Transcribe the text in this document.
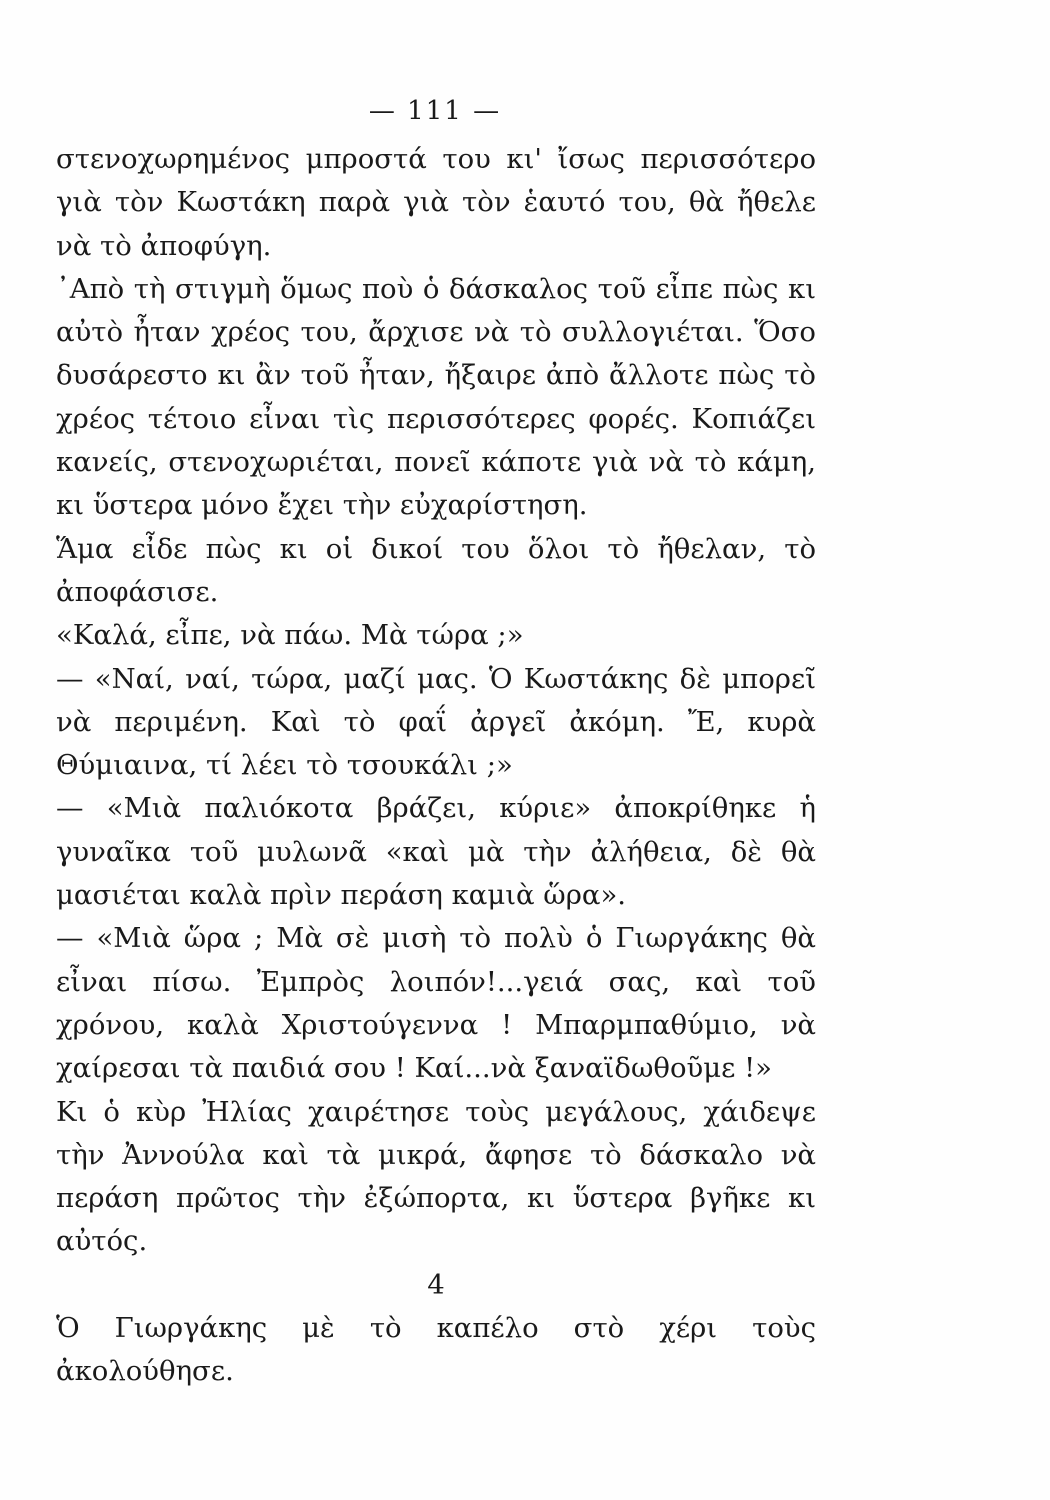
— 111 —

στενοχωρημένος μπροστά του κι' ἴσως περισσότερο γιὰ τὸν Κωστάκη παρὰ γιὰ τὸν ἑαυτό του, θὰ ἤθελε νὰ τὸ ἀποφύγη.

᾿Απὸ τὴ στιγμὴ ὅμως ποὺ ὁ δάσκαλος τοῦ εἶπε πὼς κι αὐτὸ ἦταν χρέος του, ἄρχισε νὰ τὸ συλλογιέται. Ὅσο δυσάρεστο κι ἂν τοῦ ἦταν, ἤξαιρε ἀπὸ ἄλλοτε πὼς τὸ χρέος τέτοιο εἶναι τὶς περισσότερες φορές. Κοπιάζει κανείς, στενοχωριέται, πονεῖ κάποτε γιὰ νὰ τὸ κάμη, κι ὕστερα μόνο ἔχει τὴν εὐχαρίστηση.

Ἅμα εἶδε πὼς κι οἱ δικοί του ὅλοι τὸ ἤθελαν, τὸ ἀποφάσισε.

«Καλά, εἶπε, νὰ πάω. Μὰ τώρα ;»

— «Ναί, ναί, τώρα, μαζί μας. Ὁ Κωστάκης δὲ μπορεῖ νὰ περιμένη. Καὶ τὸ φαΐ ἀργεῖ ἀκόμη. Ἔ, κυρὰ Θύμιαινα, τί λέει τὸ τσουκάλι ;»

— «Μιὰ παλιόκοτα βράζει, κύριε» ἀποκρίθηκε ἡ γυναῖκα τοῦ μυλωνᾶ «καὶ μὰ τὴν ἀλήθεια, δὲ θὰ μασιέται καλὰ πρὶν περάση καμιὰ ὥρα».

— «Μιὰ ὥρα ; Μὰ σὲ μισὴ τὸ πολὺ ὁ Γιωργάκης θὰ εἶναι πίσω. Ἐμπρὸς λοιπόν!...γειά σας, καὶ τοῦ χρόνου, καλὰ Χριστούγεννα ! Μπαρμπαθύμιο, νὰ χαίρεσαι τὰ παιδιά σου ! Καί...νὰ ξαναϊδωθοῦμε !»

Κι ὁ κὺρ Ἠλίας χαιρέτησε τοὺς μεγάλους, χάιδεψε τὴν Ἀννούλα καὶ τὰ μικρά, ἄφησε τὸ δάσκαλο νὰ περάση πρῶτος τὴν ἐξώπορτα, κι ὕστερα βγῆκε κι αὐτός.

4

Ὁ Γιωργάκης μὲ τὸ καπέλο στὸ χέρι τοὺς ἀκολούθησε.
